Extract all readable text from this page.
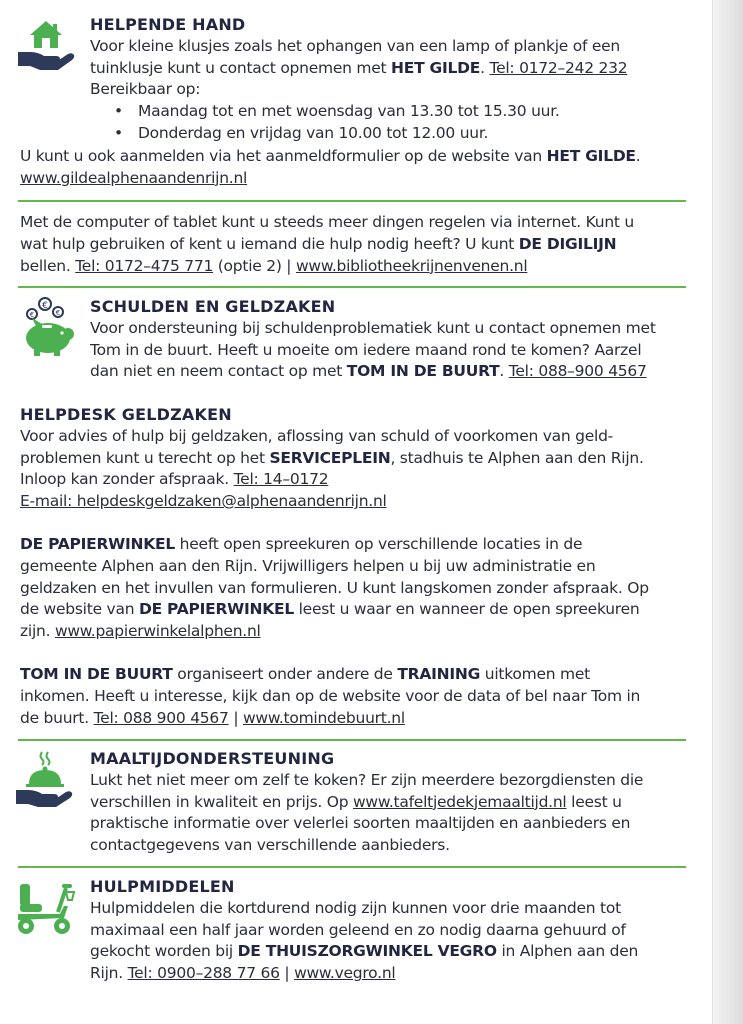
HELPENDE HAND
Voor kleine klusjes zoals het ophangen van een lamp of plankje of een
tuinklusje kunt u contact opnemen met HET GILDE. Tel: 0172–242 232
Bereikbaar op:
• Maandag tot en met woensdag van 13.30 tot 15.30 uur.
• Donderdag en vrijdag van 10.00 tot 12.00 uur.
U kunt u ook aanmelden via het aanmeldformulier op de website van HET GILDE.
www.gildealphenaandenrijn.nl
Met de computer of tablet kunt u steeds meer dingen regelen via internet. Kunt u
wat hulp gebruiken of kent u iemand die hulp nodig heeft? U kunt DE DIGILIJN
bellen. Tel: 0172–475 771 (optie 2) | www.bibliotheekrijnenvenen.nl
€
€
€	SCHULDEN EN GELDZAKEN
Voor ondersteuning bij schuldenproblematiek kunt u contact opnemen met
Tom in de buurt. Heeft u moeite om iedere maand rond te komen? Aarzel
dan niet en neem contact op met TOM IN DE BUURT. Tel: 088–900 4567
HELPDESK GELDZAKEN
Voor advies of hulp bij geldzaken, aflossing van schuld of voorkomen van geld-
problemen kunt u terecht op het SERVICEPLEIN, stadhuis te Alphen aan den Rijn.
Inloop kan zonder afspraak. Tel: 14–0172
E-mail: helpdeskgeldzaken@alphenaandenrijn.nl
DE PAPIERWINKEL heeft open spreekuren op verschillende locaties in de
gemeente Alphen aan den Rijn. Vrijwilligers helpen u bij uw administratie en
geldzaken en het invullen van formulieren. U kunt langskomen zonder afspraak. Op
de website van DE PAPIERWINKEL leest u waar en wanneer de open spreekuren
zijn. www.papierwinkelalphen.nl
TOM IN DE BUURT organiseert onder andere de TRAINING uitkomen met
inkomen. Heeft u interesse, kijk dan op de website voor de data of bel naar Tom in
de buurt. Tel: 088 900 4567 | www.tomindebuurt.nl
MAALTIJDONDERSTEUNING
Lukt het niet meer om zelf te koken? Er zijn meerdere bezorgdiensten die
verschillen in kwaliteit en prijs. Op www.tafeltjedekjemaaltijd.nl leest u
praktische informatie over velerlei soorten maaltijden en aanbieders en
contactgegevens van verschillende aanbieders.
HULPMIDDELEN
Hulpmiddelen die kortdurend nodig zijn kunnen voor drie maanden tot
maximaal een half jaar worden geleend en zo nodig daarna gehuurd of
gekocht worden bij DE THUISZORGWINKEL VEGRO in Alphen aan den
Rijn. Tel: 0900–288 77 66 | www.vegro.nl
